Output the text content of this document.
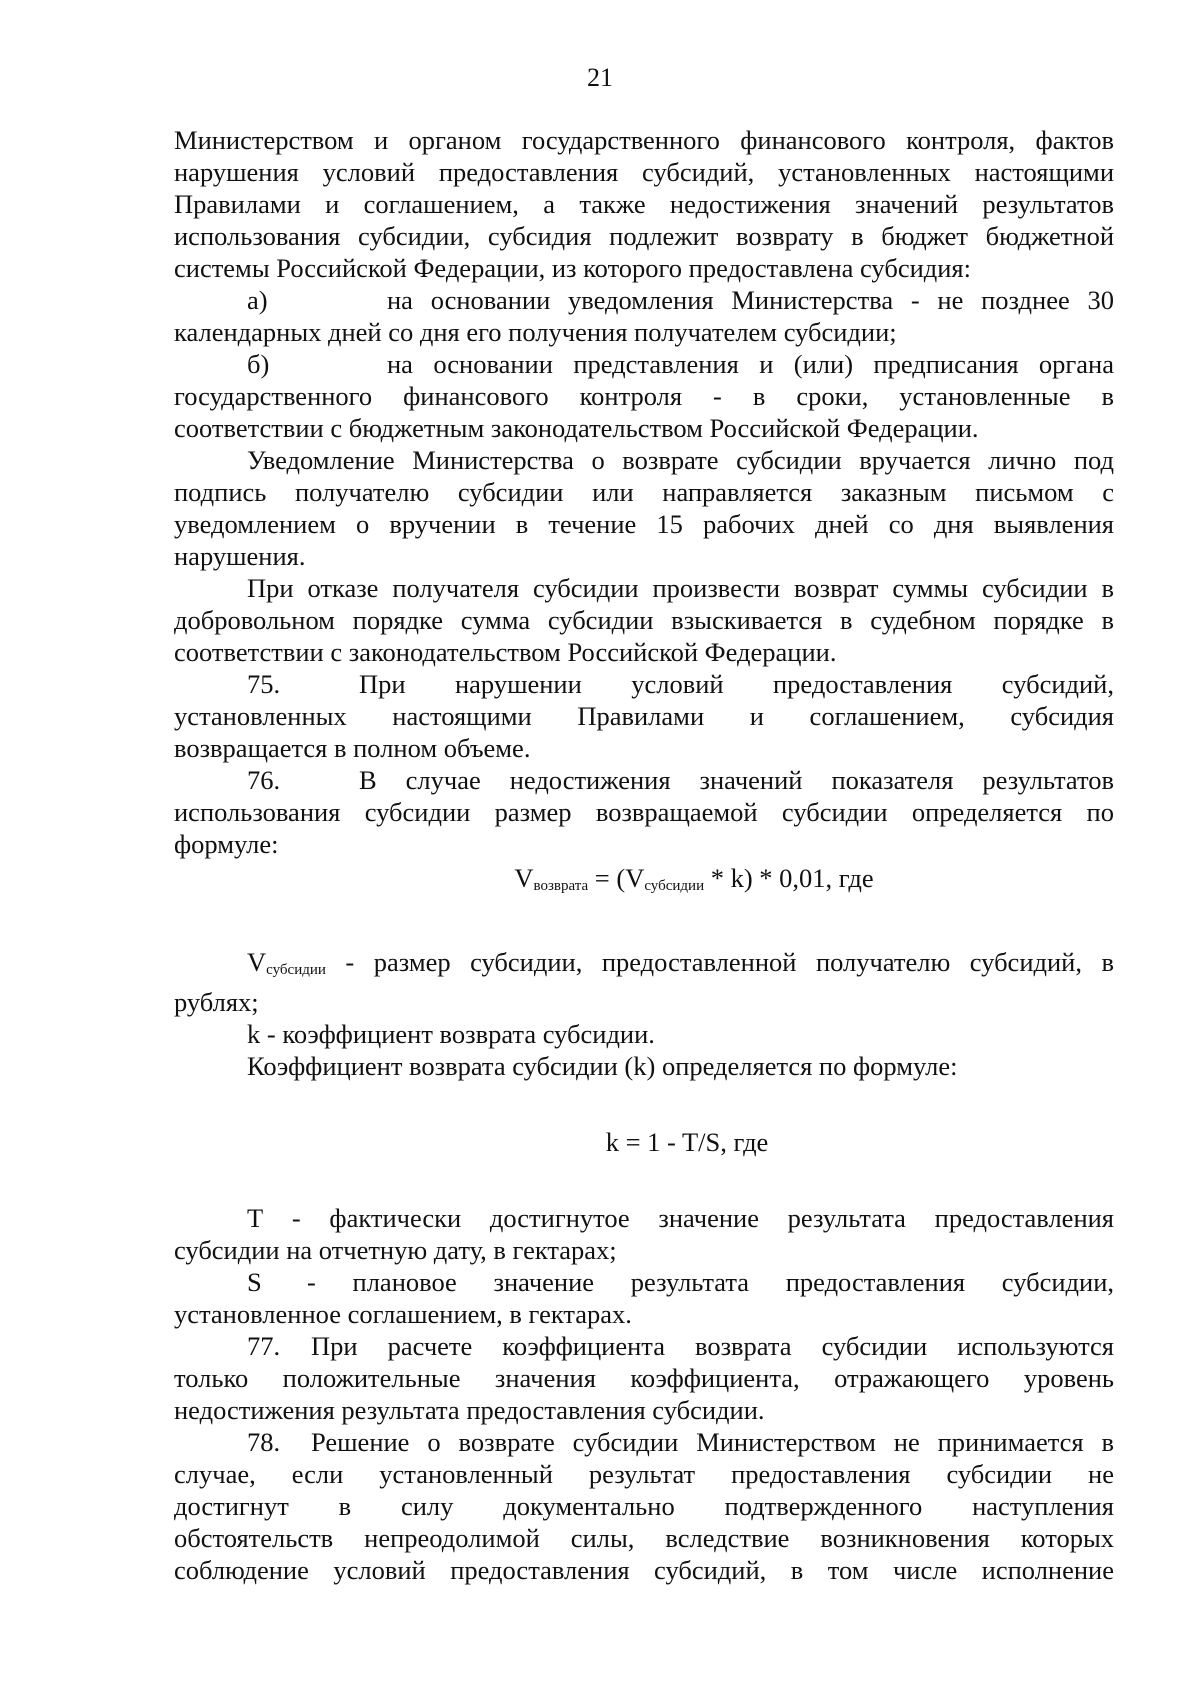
21
Министерством и органом государственного финансового контроля, фактов
нарушения условий предоставления субсидий, установленных настоящими
Правилами и соглашением, а также недостижения значений результатов
использования субсидии, субсидия подлежит возврату в бюджет бюджетной
системы Российской Федерации, из которого предоставлена субсидия:
а)	на основании уведомления Министерства - не позднее 30
календарных дней со дня его получения получателем субсидии;
б)	на основании представления и (или) предписания органа
государственного финансового контроля - в сроки, установленные в
соответствии с бюджетным законодательством Российской Федерации.
Уведомление Министерства о возврате субсидии вручается лично под
подпись получателю субсидии или направляется заказным письмом с
уведомлением о вручении в течение 15 рабочих дней со дня выявления
нарушения.
При отказе получателя субсидии произвести возврат суммы субсидии в
добровольном порядке сумма субсидии взыскивается в судебном порядке в
соответствии с законодательством Российской Федерации.
75.	При нарушении условий предоставления субсидий,
установленных настоящими Правилами и соглашением, субсидия
возвращается в полном объеме.
76.	В случае недостижения значений показателя результатов
использования субсидии размер возвращаемой субсидии определяется по
формуле:
$V_{возврата} = (V_{субсидии} * k) * 0,01$, где
$V_{субсидии}$ - размер субсидии, предоставленной получателю субсидий, в
рублях;
k - коэффициент возврата субсидии.
Коэффициент возврата субсидии (k) определяется по формуле:
k = 1 - T/S, где
Т - фактически достигнутое значение результата предоставления
субсидии на отчетную дату, в гектарах;
S - плановое значение результата предоставления субсидии,
установленное соглашением, в гектарах.
77. При расчете коэффициента возврата субсидии используются
только положительные значения коэффициента, отражающего уровень
недостижения результата предоставления субсидии.
78. Решение о возврате субсидии Министерством не принимается в
случае, если установленный результат предоставления субсидии не
достигнут в силу документально подтвержденного наступления
обстоятельств непреодолимой силы, вследствие возникновения которых
соблюдение условий предоставления субсидий, в том числе исполнение
